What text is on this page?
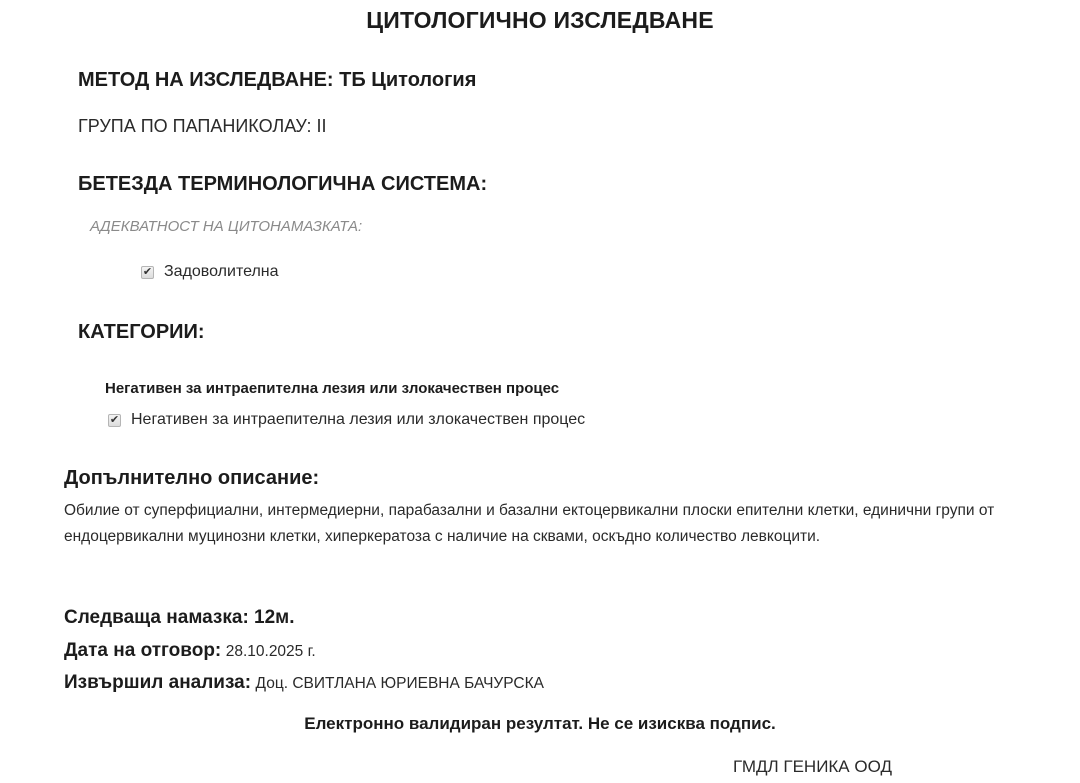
ЦИТОЛОГИЧНО ИЗСЛЕДВАНЕ
МЕТОД НА ИЗСЛЕДВАНЕ: ТБ Цитология
ГРУПА ПО ПАПАНИКОЛАУ: II
БЕТЕЗДА ТЕРМИНОЛОГИЧНА СИСТЕМА:
АДЕКВАТНОСТ НА ЦИТОНАМАЗКАТА:
✔ Задоволителна
КАТЕГОРИИ:
Негативен за интраепителна лезия или злокачествен процес
✔ Негативен за интраепителна лезия или злокачествен процес
Допълнително описание:
Обилие от суперфициални, интермедиерни, парабазални и базални ектоцервикални плоски епителни клетки, единични групи от ендоцервикални муцинозни клетки, хиперкератоза с наличие на сквами, оскъдно количество левкоцити.
Следваща намазка: 12м.
Дата на отговор: 28.10.2025 г.
Извършил анализа: Доц. СВИТЛАНА ЮРИЕВНА БАЧУРСКА
Електронно валидиран резултат. Не се изисква подпис.
ГМДЛ ГЕНИКА ООД
